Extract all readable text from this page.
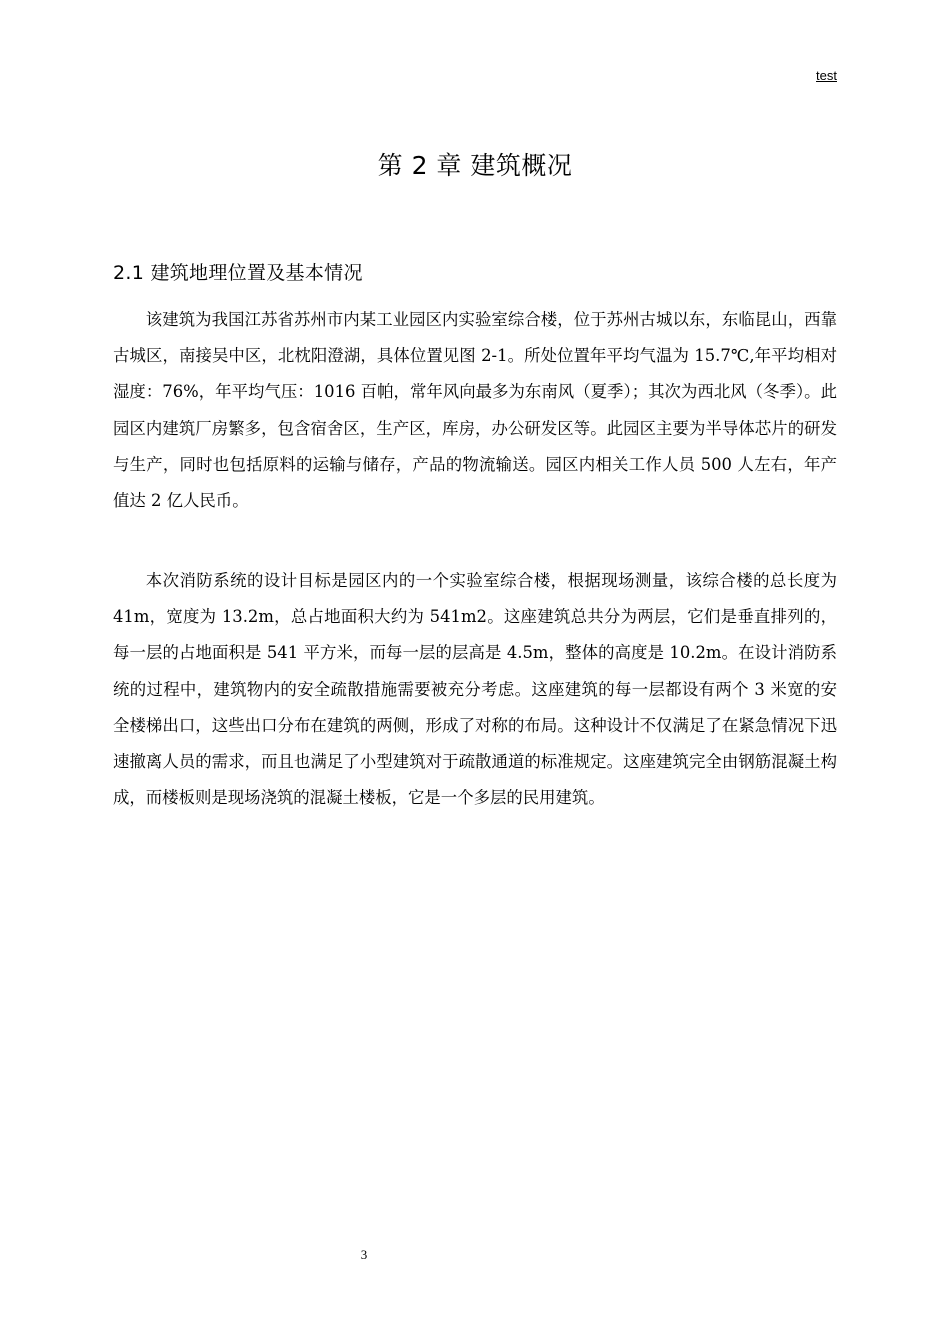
test
第 2 章 建筑概况
2.1 建筑地理位置及基本情况

该建筑为我国江苏省苏州市内某工业园区内实验室综合楼，位于苏州古城以东，东临昆山，西靠古城区，南接吴中区，北枕阳澄湖，具体位置见图 2-1。所处位置年平均气温为 15.7℃,年平均相对湿度：76%，年平均气压：1016 百帕，常年风向最多为东南风（夏季）；其次为西北风（冬季）。此园区内建筑厂房繁多，包含宿舍区，生产区，库房，办公研发区等。此园区主要为半导体芯片的研发与生产，同时也包括原料的运输与储存，产品的物流输送。园区内相关工作人员 500 人左右，年产值达 2 亿人民币。

本次消防系统的设计目标是园区内的一个实验室综合楼，根据现场测量，该综合楼的总长度为 41m，宽度为 13.2m，总占地面积大约为 541m2。这座建筑总共分为两层，它们是垂直排列的，每一层的占地面积是 541 平方米，而每一层的层高是 4.5m，整体的高度是 10.2m。在设计消防系统的过程中，建筑物内的安全疏散措施需要被充分考虑。这座建筑的每一层都设有两个 3 米宽的安全楼梯出口，这些出口分布在建筑的两侧，形成了对称的布局。这种设计不仅满足了在紧急情况下迅速撤离人员的需求，而且也满足了小型建筑对于疏散通道的标准规定。这座建筑完全由钢筋混凝土构成，而楼板则是现场浇筑的混凝土楼板，它是一个多层的民用建筑。

3
